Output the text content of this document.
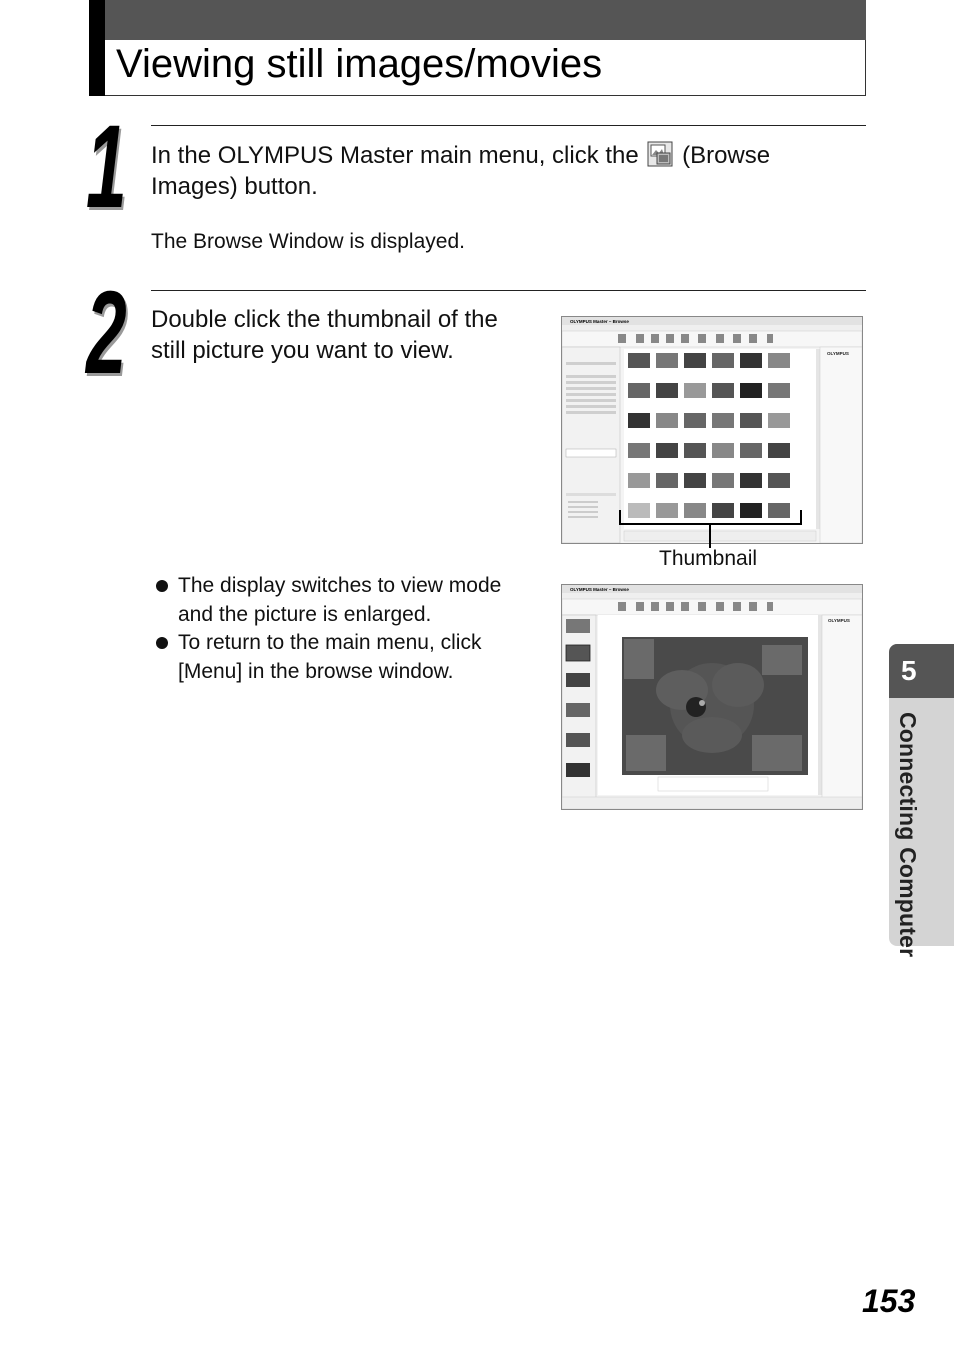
Viewing still images/movies
1 In the OLYMPUS Master main menu, click the (Browse
Images) button.
The Browse Window is displayed.
2 Double click the thumbnail of the
still picture you want to view.
The display switches to view mode
and the picture is enlarged.
To return to the main menu, click
[Menu] in the browse window.
OLYMPUS Master – Browse
OLYMPUS
Thumbnail
OLYMPUS Master – Browse
OLYMPUS
5
Connecting Computer
153
